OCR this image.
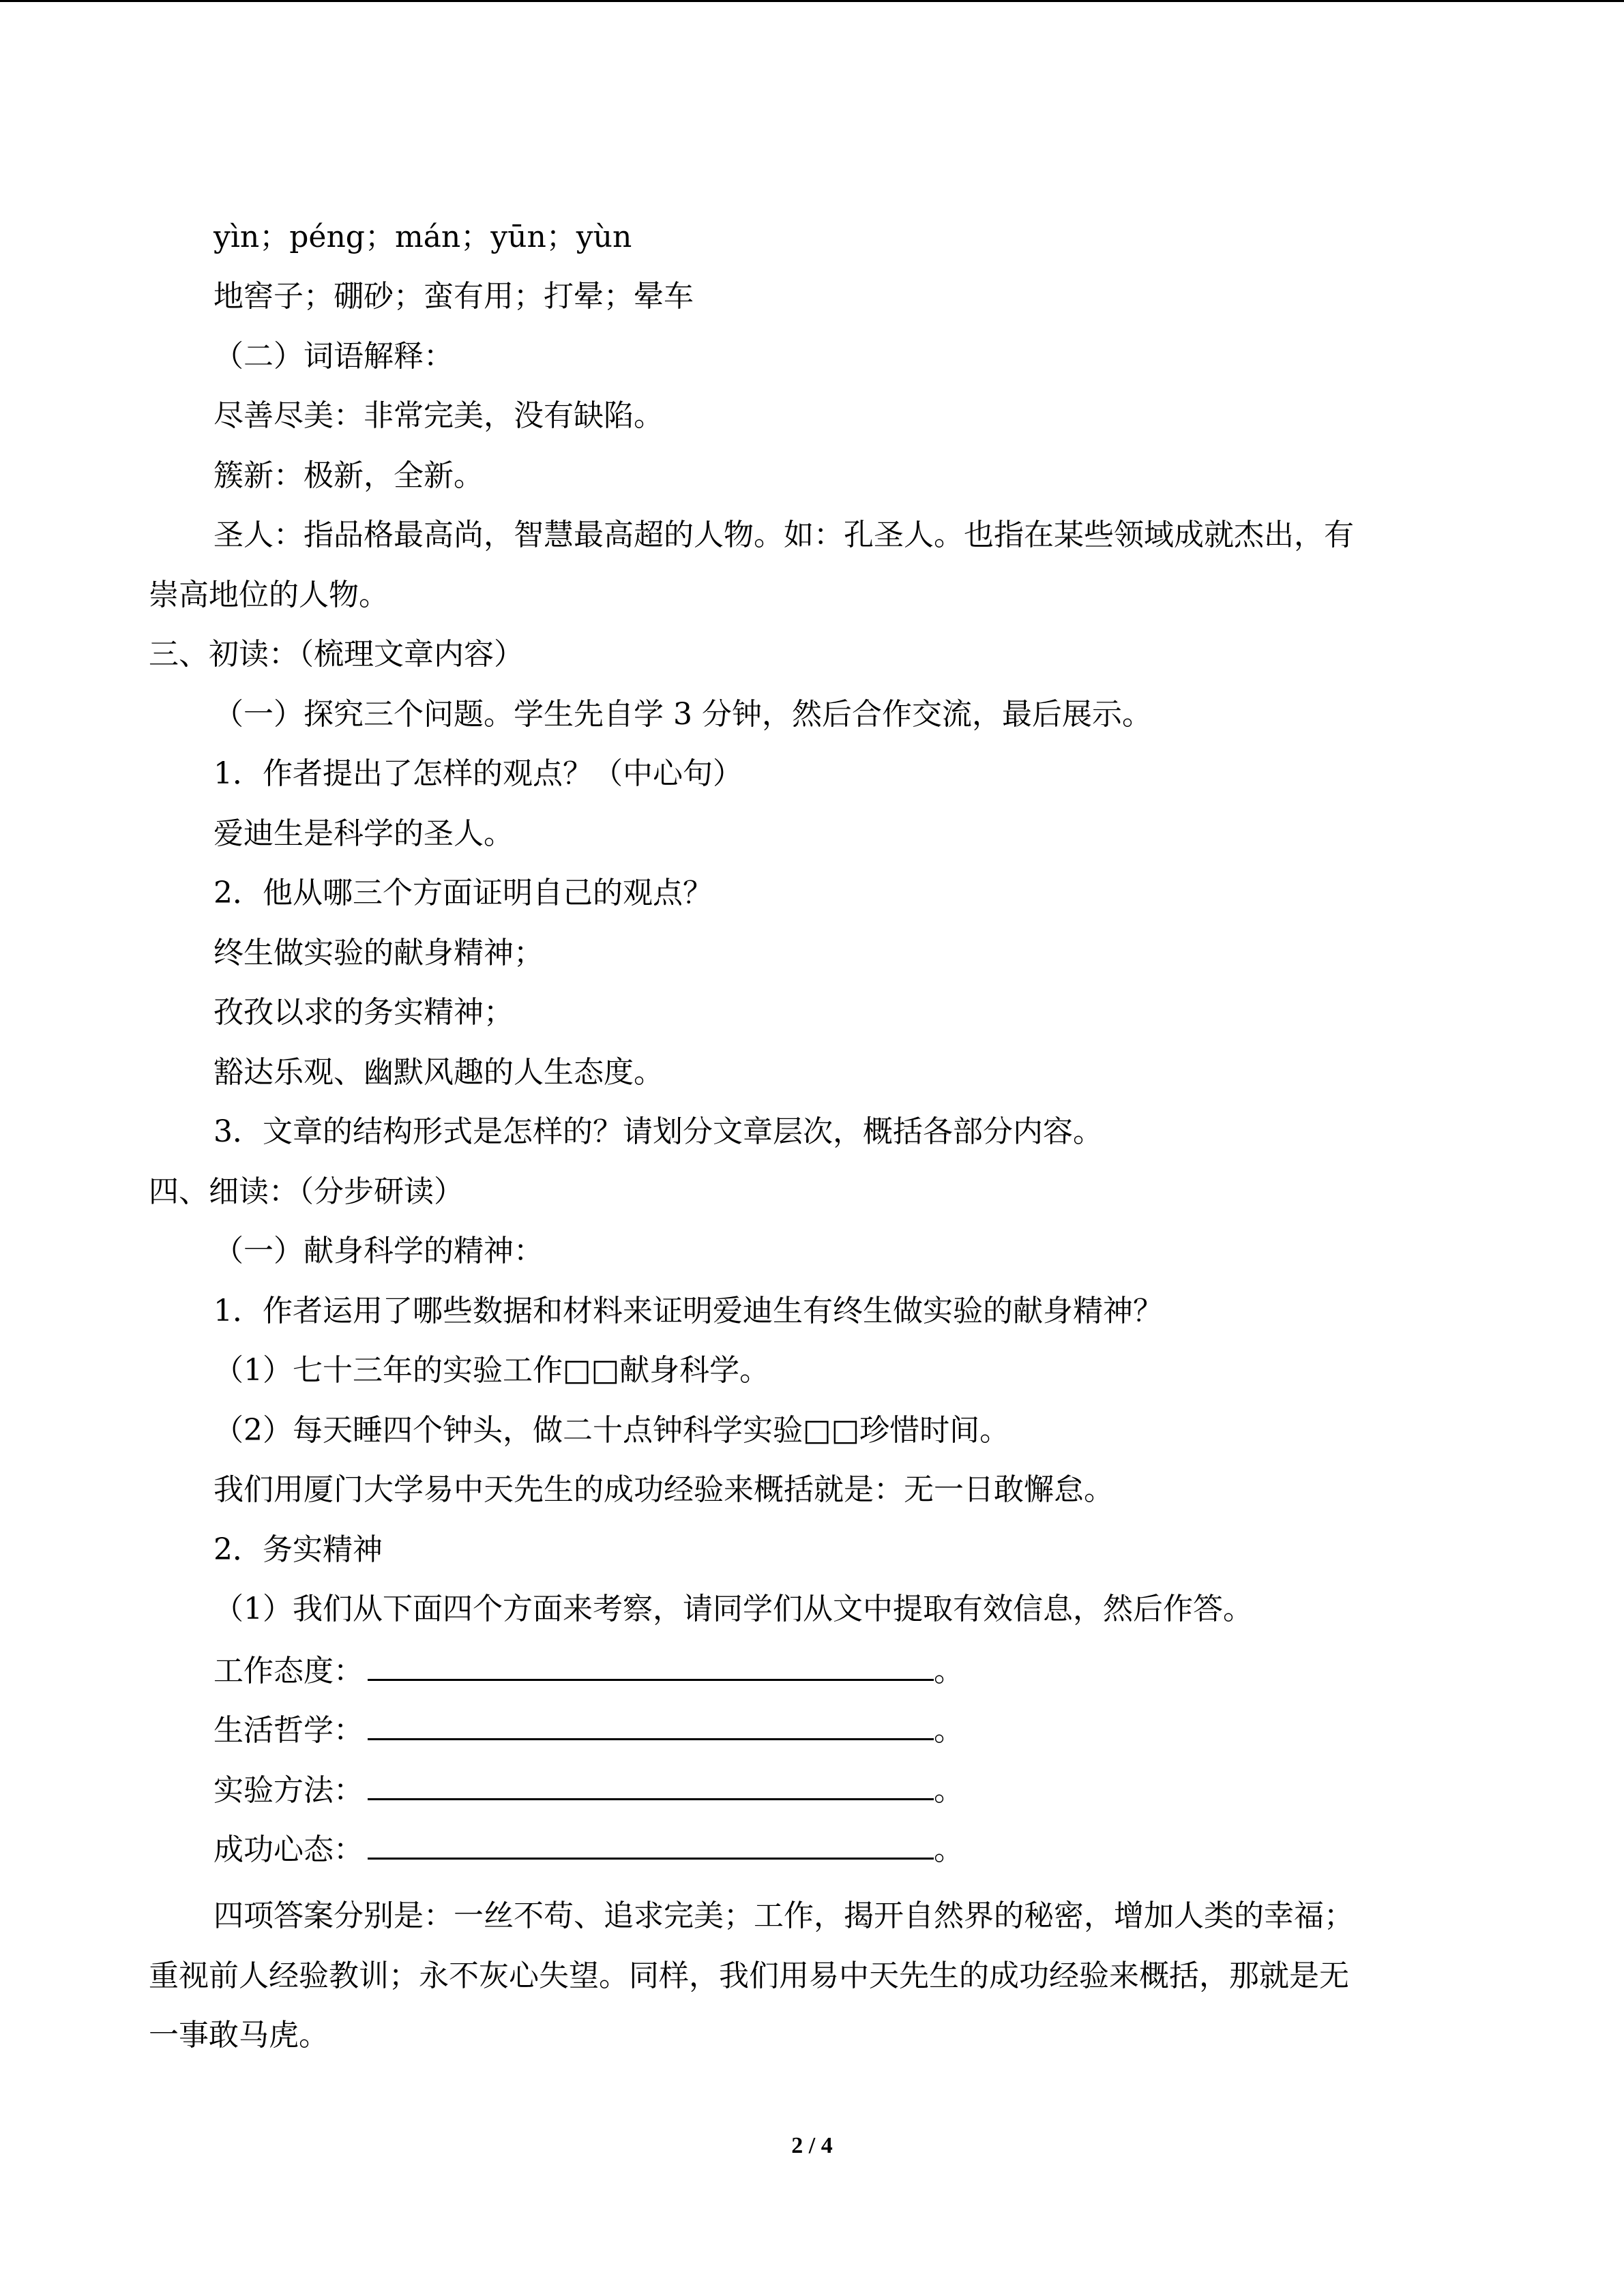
yìn；péng；mán；yūn；yùn
地窖子；硼砂；蛮有用；打晕；晕车
（二）词语解释：
尽善尽美：非常完美，没有缺陷。
簇新：极新，全新。
圣人：指品格最高尚，智慧最高超的人物。如：孔圣人。也指在某些领域成就杰出，有
崇高地位的人物。
三、初读：（梳理文章内容）
（一）探究三个问题。学生先自学 3 分钟，然后合作交流，最后展示。
1．作者提出了怎样的观点？（中心句）
爱迪生是科学的圣人。
2．他从哪三个方面证明自己的观点？
终生做实验的献身精神；
孜孜以求的务实精神；
豁达乐观、幽默风趣的人生态度。
3．文章的结构形式是怎样的？请划分文章层次，概括各部分内容。
四、细读：（分步研读）
（一）献身科学的精神：
1．作者运用了哪些数据和材料来证明爱迪生有终生做实验的献身精神？
（1）七十三年的实验工作□□献身科学。
（2）每天睡四个钟头，做二十点钟科学实验□□珍惜时间。
我们用厦门大学易中天先生的成功经验来概括就是：无一日敢懈怠。
2．务实精神
（1）我们从下面四个方面来考察，请同学们从文中提取有效信息，然后作答。
工作态度：	。
生活哲学：	。
实验方法：	。
成功心态：	。
四项答案分别是：一丝不苟、追求完美；工作，揭开自然界的秘密，增加人类的幸福；
重视前人经验教训；永不灰心失望。同样，我们用易中天先生的成功经验来概括，那就是无
一事敢马虎。
2 / 4
